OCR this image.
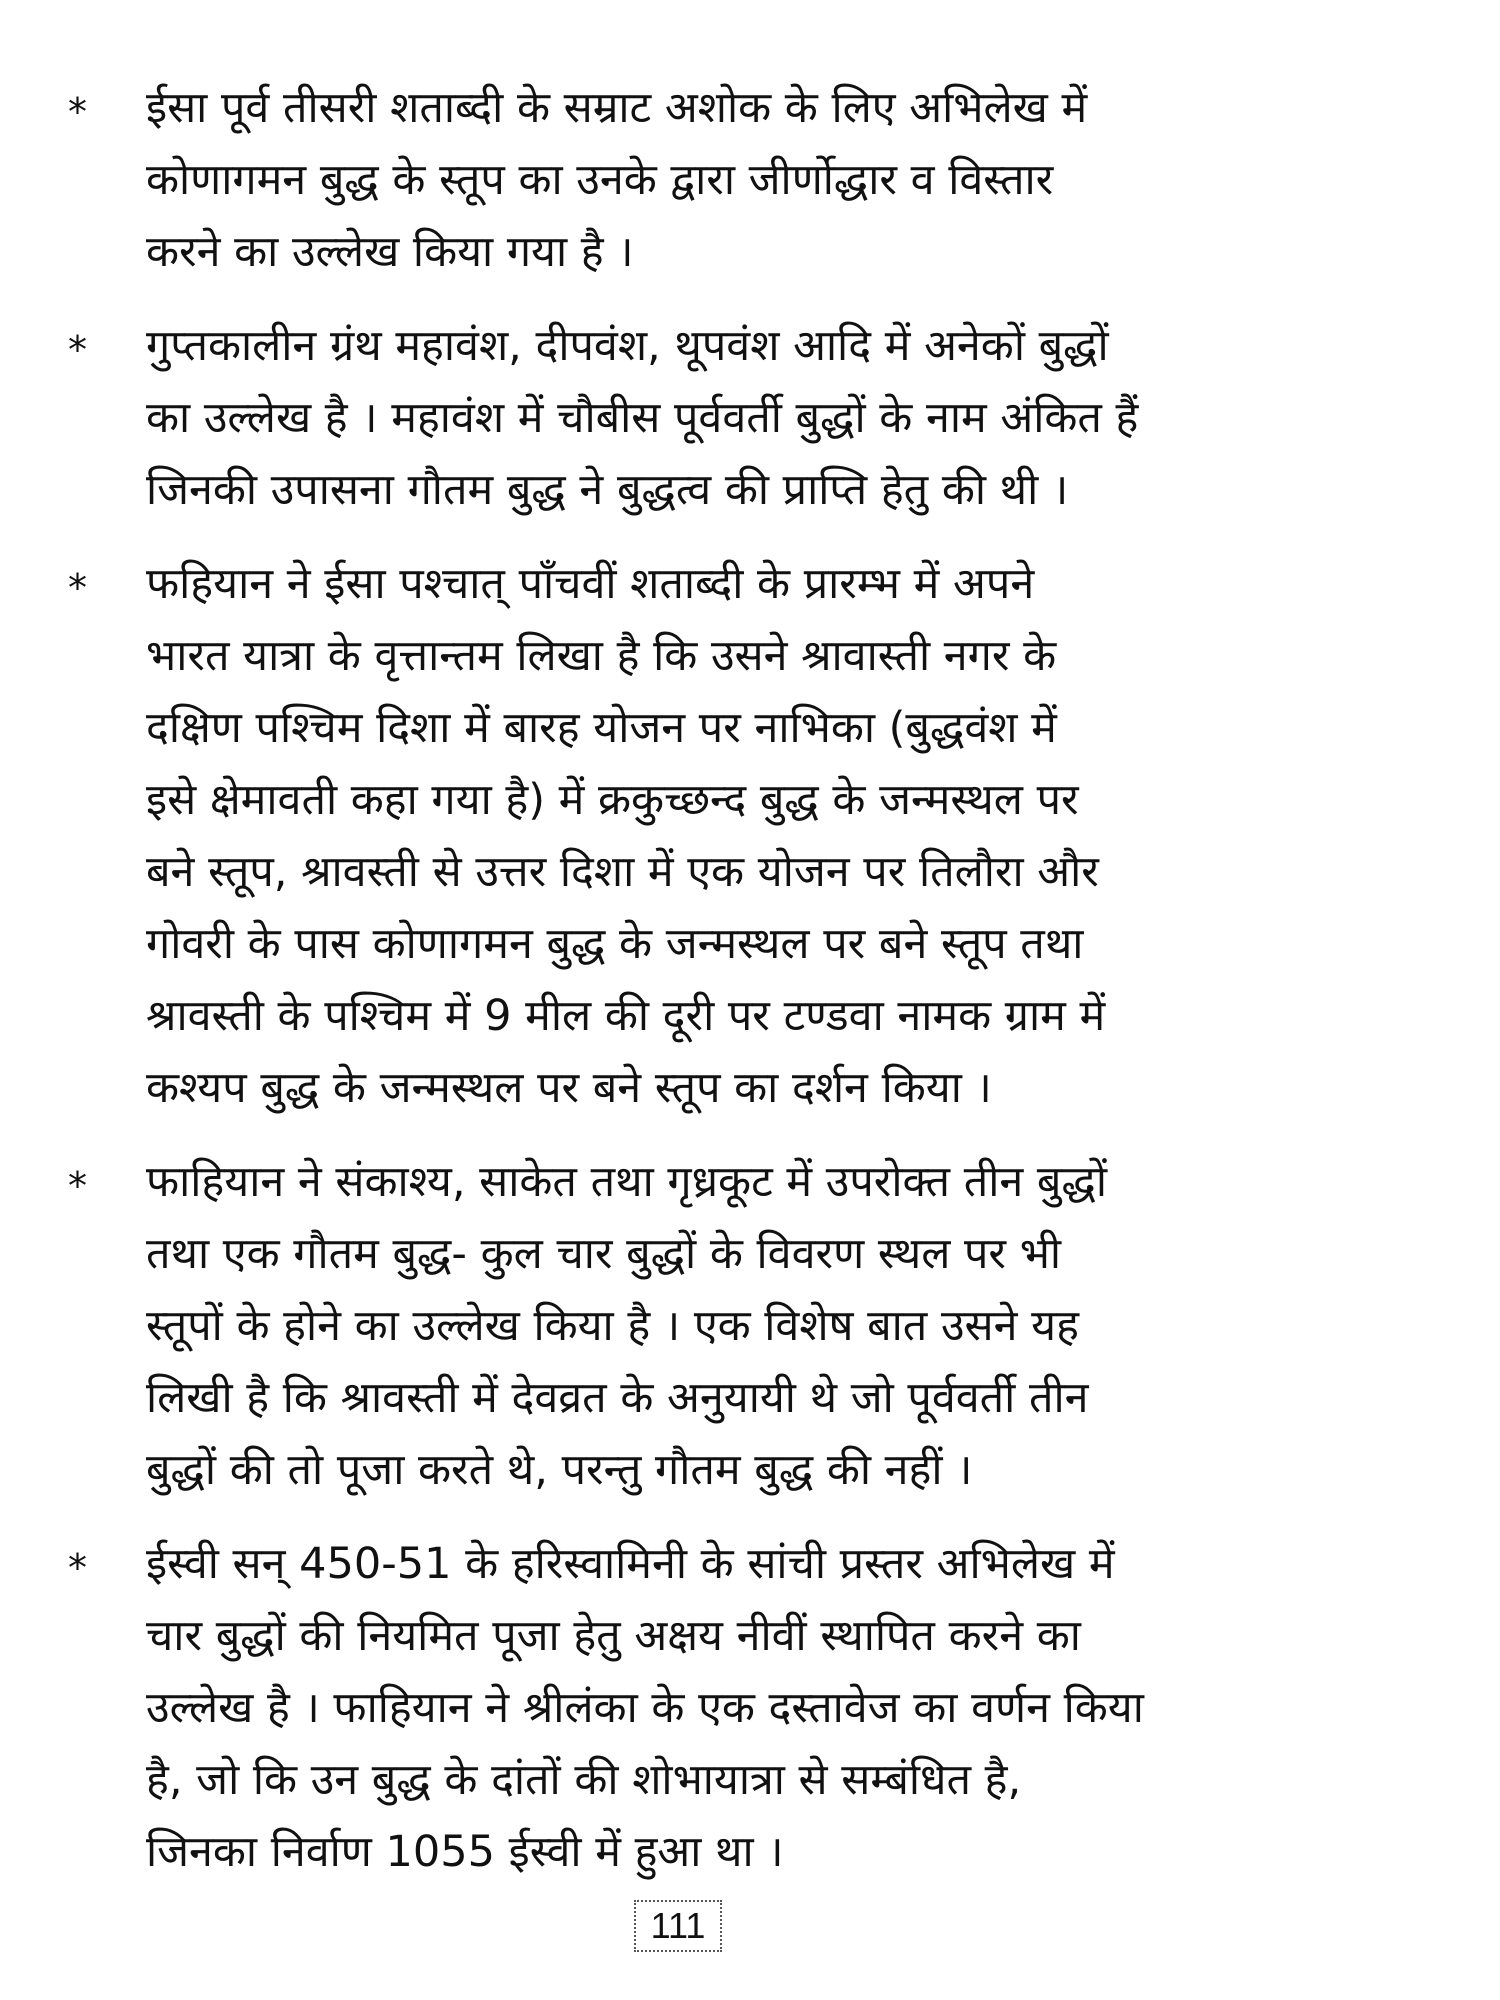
* ईसा पूर्व तीसरी शताब्दी के सम्राट अशोक के लिए अभिलेख में
कोणागमन बुद्ध के स्तूप का उनके द्वारा जीर्णोद्धार व विस्तार
करने का उल्लेख किया गया है ।
* गुप्तकालीन ग्रंथ महावंश, दीपवंश, थूपवंश आदि में अनेकों बुद्धों
का उल्लेख है । महावंश में चौबीस पूर्ववर्ती बुद्धों के नाम अंकित हैं
जिनकी उपासना गौतम बुद्ध ने बुद्धत्व की प्राप्ति हेतु की थी ।
* फहियान ने ईसा पश्चात् पाँचवीं शताब्दी के प्रारम्भ में अपने
भारत यात्रा के वृत्तान्तम लिखा है कि उसने श्रावास्ती नगर के
दक्षिण पश्चिम दिशा में बारह योजन पर नाभिका (बुद्धवंश में
इसे क्षेमावती कहा गया है) में क्रकुच्छन्द बुद्ध के जन्मस्थल पर
बने स्तूप, श्रावस्ती से उत्तर दिशा में एक योजन पर तिलौरा और
गोवरी के पास कोणागमन बुद्ध के जन्मस्थल पर बने स्तूप तथा
श्रावस्ती के पश्चिम में 9 मील की दूरी पर टण्डवा नामक ग्राम में
कश्यप बुद्ध के जन्मस्थल पर बने स्तूप का दर्शन किया ।
* फाहियान ने संकाश्य, साकेत तथा गृध्रकूट में उपरोक्त तीन बुद्धों
तथा एक गौतम बुद्ध- कुल चार बुद्धों के विवरण स्थल पर भी
स्तूपों के होने का उल्लेख किया है । एक विशेष बात उसने यह
लिखी है कि श्रावस्ती में देवव्रत के अनुयायी थे जो पूर्ववर्ती तीन
बुद्धों की तो पूजा करते थे, परन्तु गौतम बुद्ध की नहीं ।
* ईस्वी सन् 450-51 के हरिस्वामिनी के सांची प्रस्तर अभिलेख में
चार बुद्धों की नियमित पूजा हेतु अक्षय नीवीं स्थापित करने का
उल्लेख है । फाहियान ने श्रीलंका के एक दस्तावेज का वर्णन किया
है, जो कि उन बुद्ध के दांतों की शोभायात्रा से सम्बंधित है,
जिनका निर्वाण 1055 ईस्वी में हुआ था ।
111
